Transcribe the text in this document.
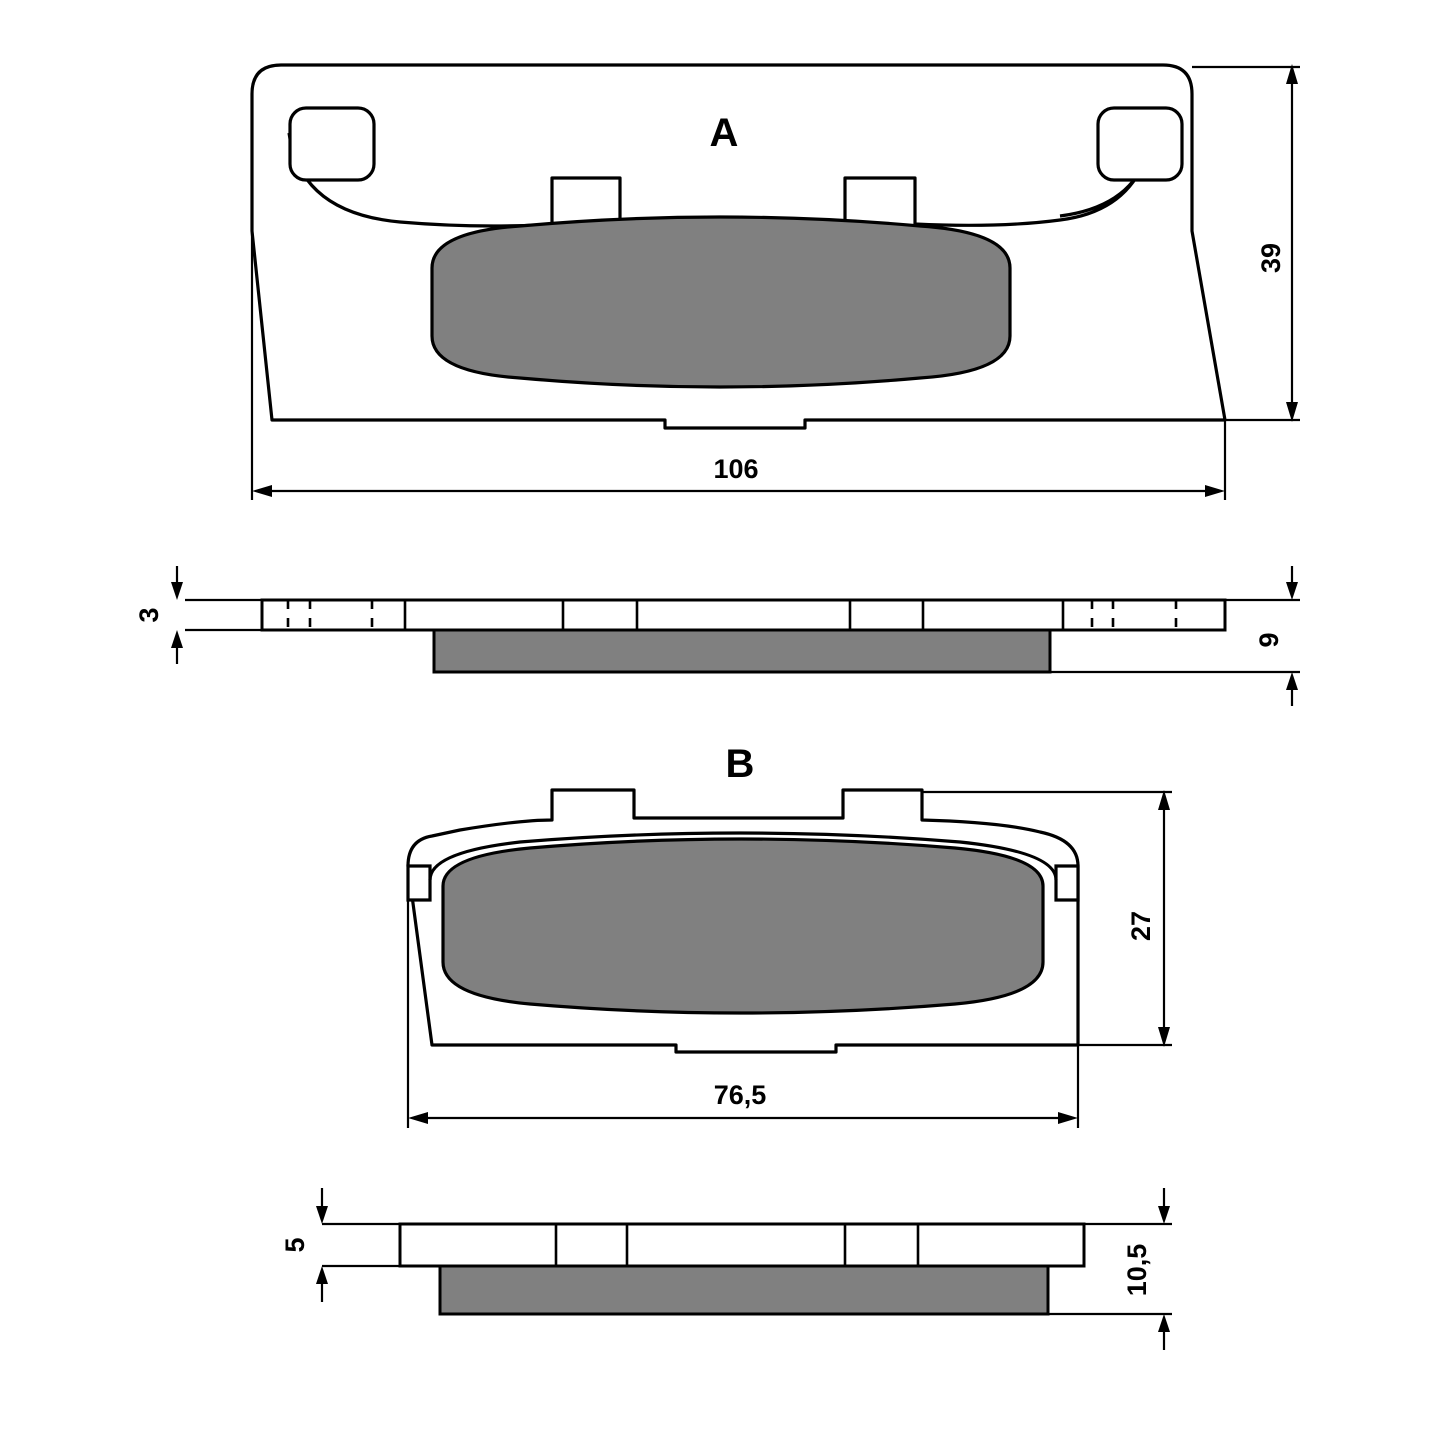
A
39
106
3
9
B
27
76,5
5	10,5
